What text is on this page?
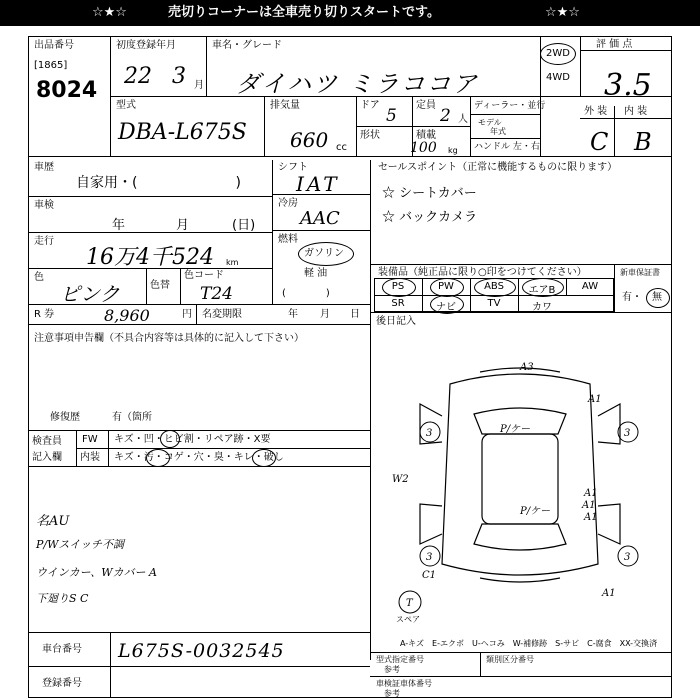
☆★☆	売切りコーナーは全車売り切りスタートです。	☆★☆
出品番号
[1865]
8024
初度登録年月
22 3 月
車名・グレード
ダイハツ ミラココア
2WD
4WD
評 価 点
3.5
型式
DBA-L675S
排気量
660 cc
ドア
5
定員
2 人
形状	積載
100 kg
ディーラー・並行
モデル
年式
ハンドル 左・右
外 装 内 装
C B
車歴
自家用・(　　　　　　　)
車検
年	月	(日)
走行
16万4千524 km
色
ピンク	色替
色コード
T24
シフト
IAT
冷房
AAC
燃料
ガソリン
軽 油
(　　　　)
R 券	8,960	円 名変期限	年 月 日
セールスポイント（正常に機能するものに限ります）
☆ シートカバー
☆ バックカメラ
装備品（純正品に限り○印をつけてください）
PS	PW	ABS	エアB	AW
SR	ナビ	TV	カワ
新車保証書
有・ 無
後日記入
注意事項申告欄（不具合内容等は具体的に記入して下さい）
修復歴	有（箇所
検査員
記入欄
FW キズ・凹・ヒビ割・リペア跡・X要
内装 キズ・汚・コゲ・穴・臭・キレ・破し
名AU
P/Wスイッチ不調
ウインカー、Wカバー A
下廻りS C
A3
A1
3	3
P/ケー
P/ケー
A1
A1
A1
3	3
C1
T
A1
W2
スペア
A-キズ　E-エクボ　U-ヘコみ　W-補修跡　S-サビ　C-腐食　XX-交換済
車台番号 L675S-0032545
登録番号
型式指定番号
参考
類別区分番号
車検証車体番号
参考
